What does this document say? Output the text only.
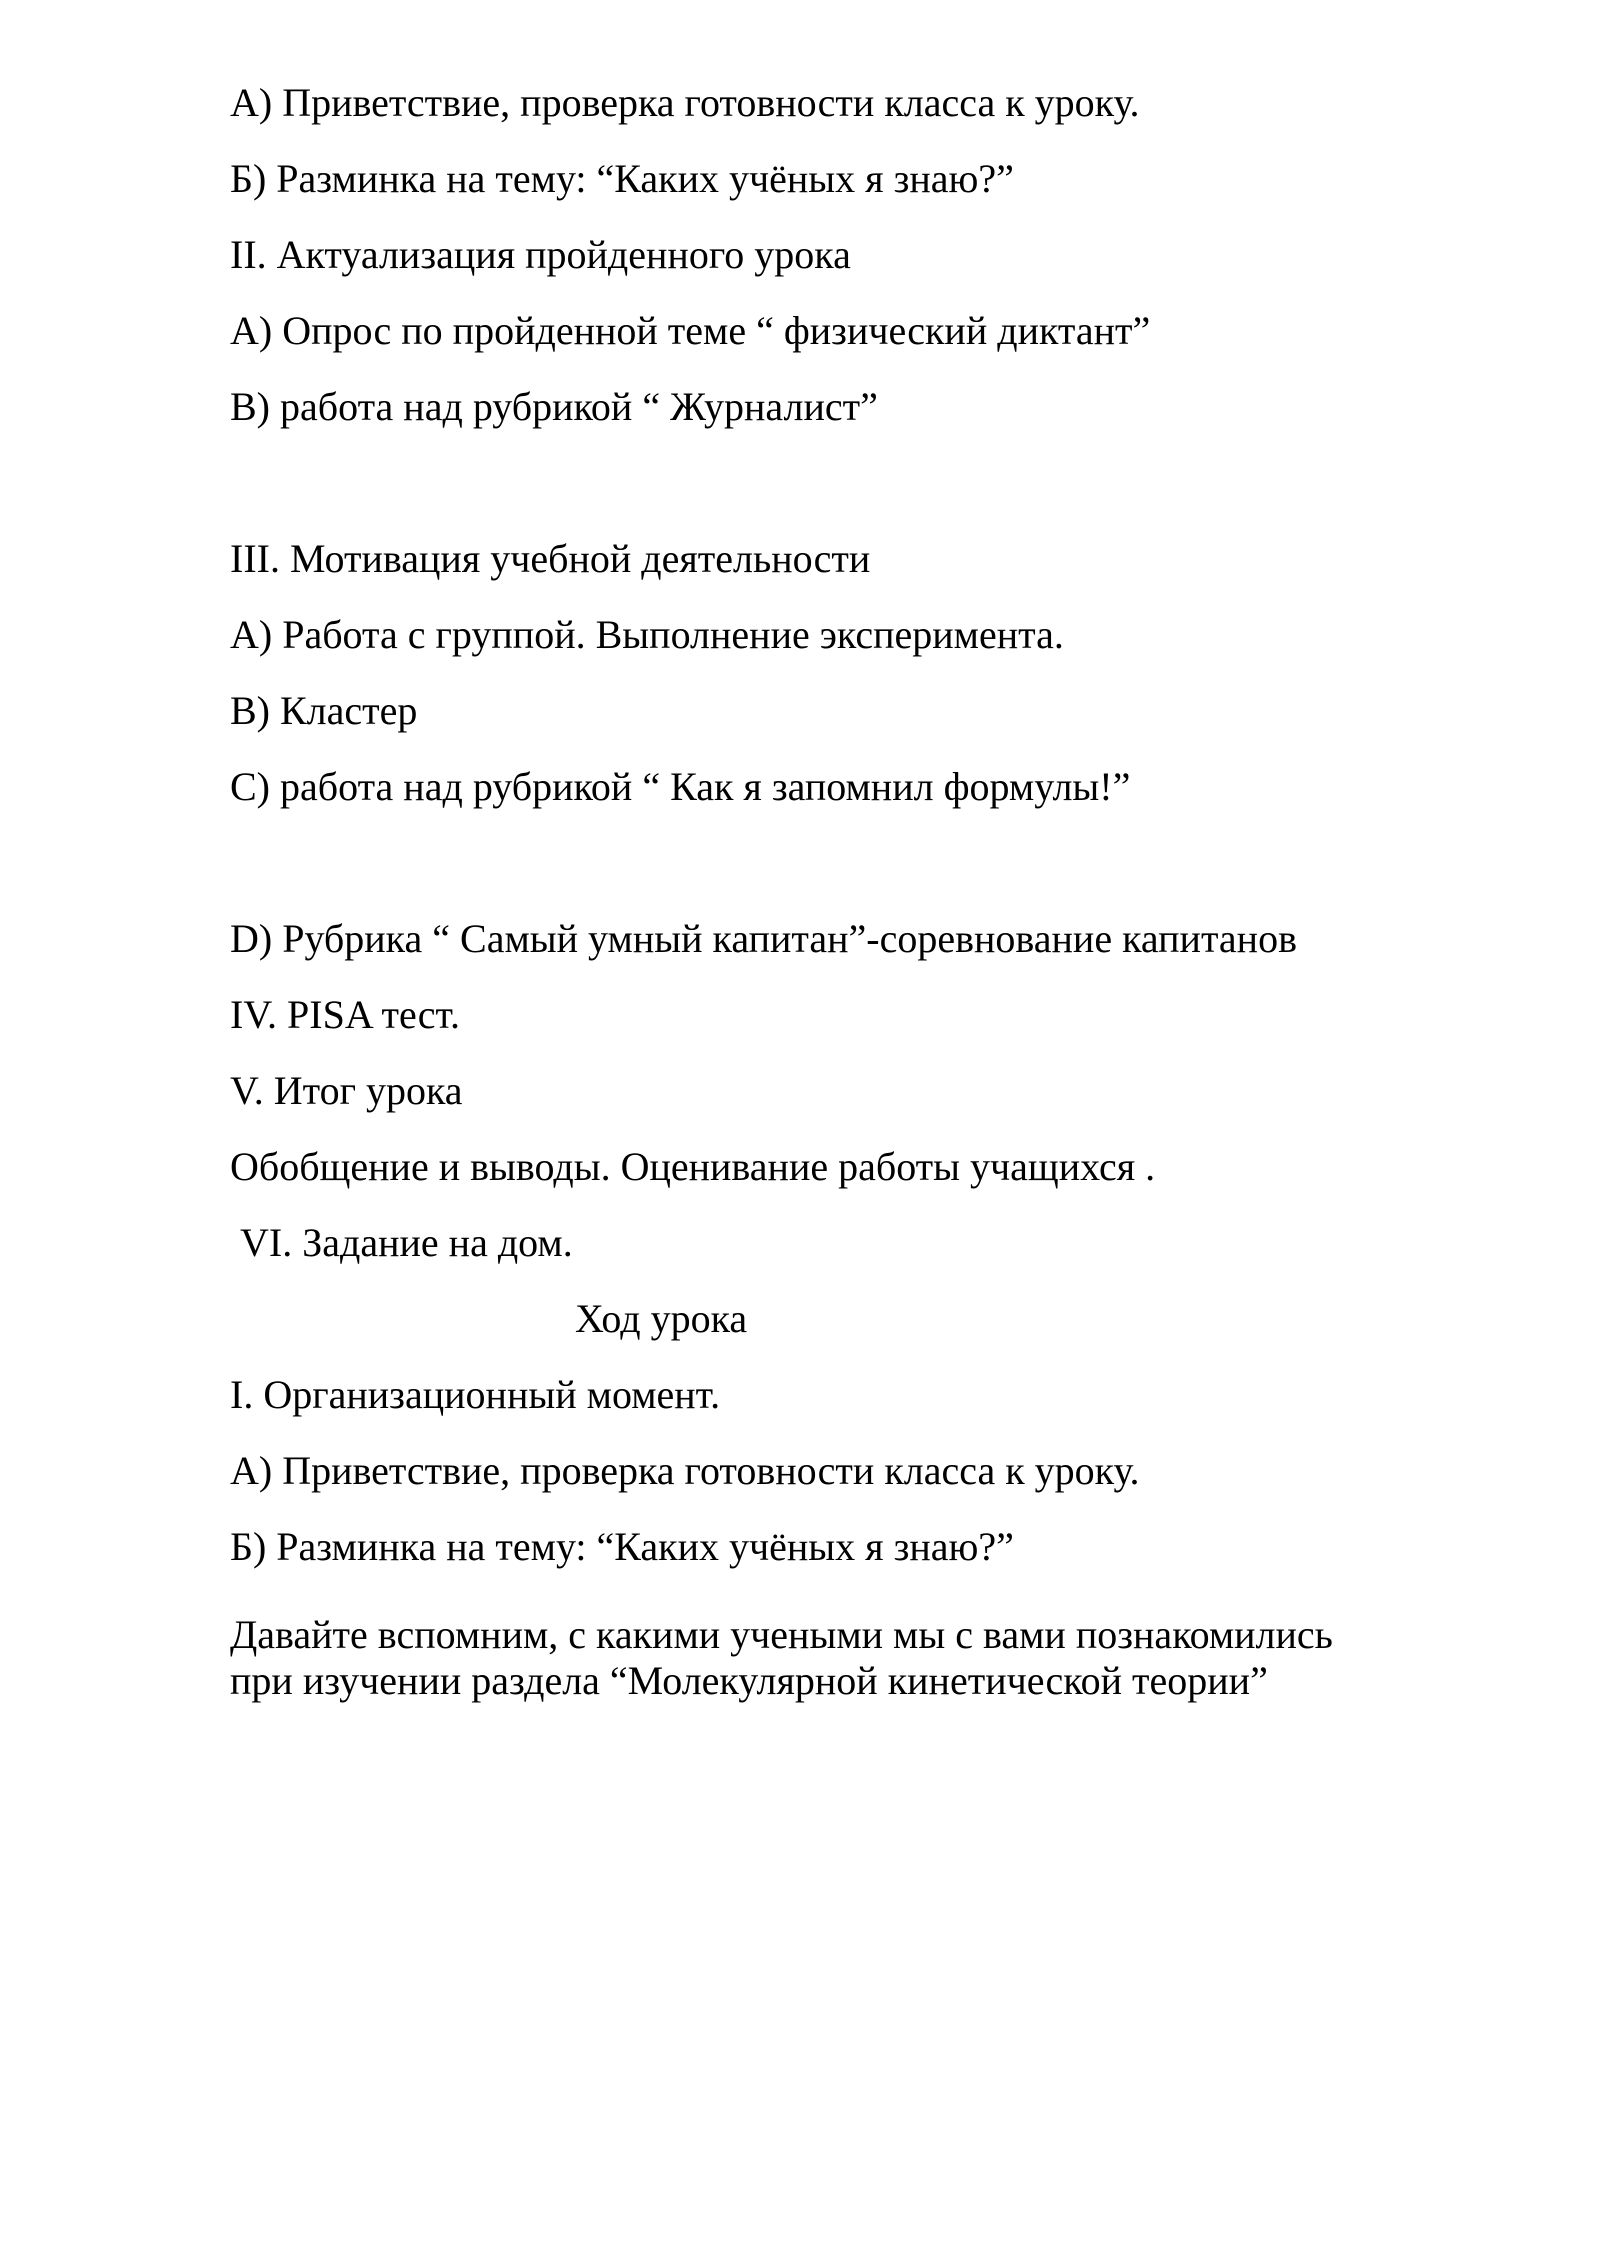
А) Приветствие, проверка готовности класса к уроку.

Б) Разминка на тему: “Каких учёных я знаю?”

II. Актуализация пройденного урока

А) Опрос по пройденной теме “ физический диктант”

В) работа над рубрикой “ Журналист”

III. Мотивация учебной деятельности

А) Работа с группой. Выполнение эксперимента.

В) Кластер

С) работа над рубрикой “ Как я запомнил формулы!”

D) Рубрика “ Самый умный капитан”-соревнование капитанов

IV. PISA тест.

V. Итог урока

Обобщение и выводы. Оценивание работы учащихся .

VI. Задание на дом.

Ход урока

I. Организационный момент.

А) Приветствие, проверка готовности класса к уроку.

Б) Разминка на тему: “Каких учёных я знаю?”

Давайте вспомним, с какими учеными мы с вами познакомились
при изучении раздела “Молекулярной кинетической теории”
